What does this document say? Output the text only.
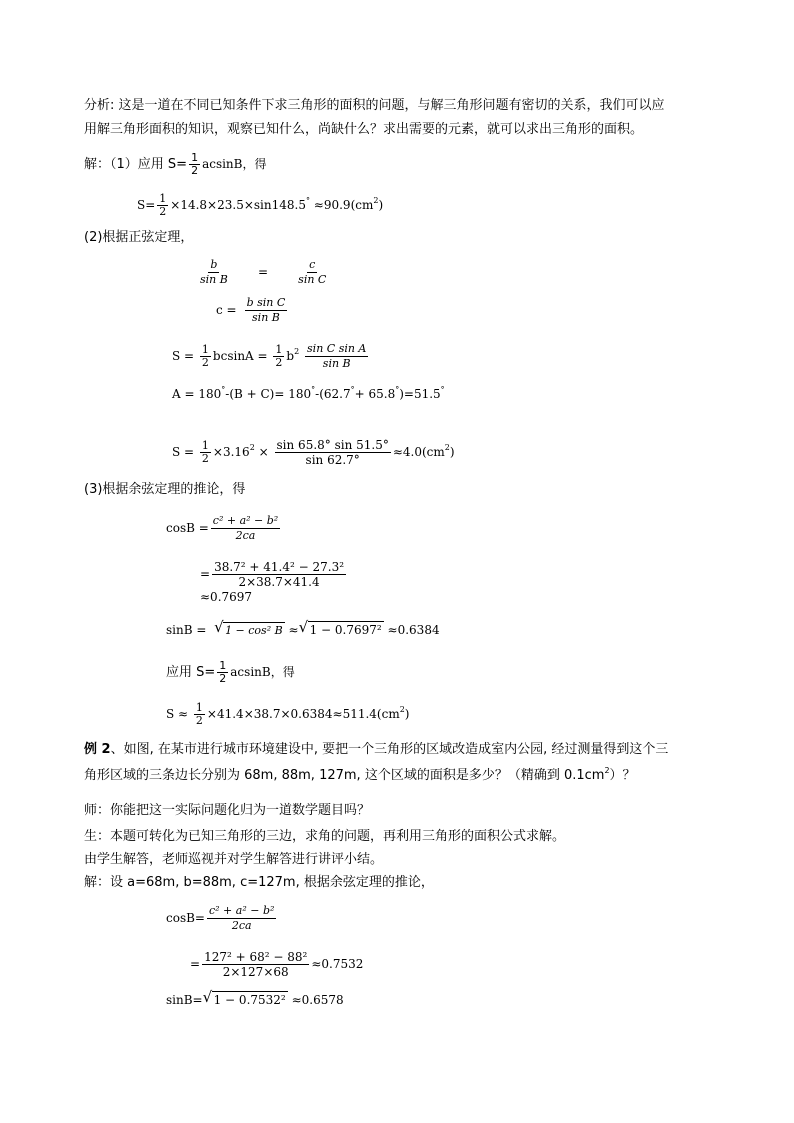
分析: 这是一道在不同已知条件下求三角形的面积的问题，与解三角形问题有密切的关系，我们可以应
用解三角形面积的知识，观察已知什么，尚缺什么？求出需要的元素，就可以求出三角形的面积。
解：（1）应用 $S= \frac{1}{2}$ acsinB，得
$S= \frac{1}{2} \times 14.8\times 23.5\times\sin 148.5^\circ \approx 90.9(cm^2)$
(2)根据正弦定理，
$\frac{b}{\text{sin B}}$ =	$\frac{c}{\text{sin C}}$
$c = \frac{\text{b sin C}}{\text{sin B}}$
$S = \frac{1}{2}$ $bcsinA = \frac{1}{2} b^2 \frac{\text{sin C sin A}}{\text{sin B}}$
A = 180°-(B + C)= 180°-(62.7°+ 65.8°)=51.5°
$S = \frac{1}{2} \times 3.16^2 \times \frac{\sin 65.8^\circ \sin 51.5^\circ}{\sin 62.7^\circ} \approx 4.0(cm^2)$
(3)根据余弦定理的推论，得
$\cos B = \frac{\text{c² + a² − b²}}{2ca}$
= $\frac{\text{38.7² + 41.4² − 27.3²}}{2\times 38.7\times 41.4}$
≈0.7697
sinB = √ 1 − cos² B ≈ √ 1 − 0.7697² ≈0.6384
应用 $S= \frac{1}{2}$ acsinB，得
$S \approx \frac{1}{2} \times 41.4\times 38.7\times 0.6384\approx 511.4(cm^2)$
例 2、如图, 在某市进行城市环境建设中, 要把一个三角形的区域改造成室内公园, 经过测量得到这个三
角形区域的三条边长分别为 68m, 88m, 127m, 这个区域的面积是多少？（精确到 $0.1cm^2$）？
师：你能把这一实际问题化归为一道数学题目吗？
生：本题可转化为已知三角形的三边，求角的问题，再利用三角形的面积公式求解。
由学生解答，老师巡视并对学生解答进行讲评小结。
解：设 a=68m, b=88m, c=127m, 根据余弦定理的推论，
$\cos B= \frac{\text{c² + a² − b²}}{2ca}$
= $\frac{\text{127² + 68² − 88²}}{2\times 127\times 68} \approx 0.7532$
sinB= √ 1 − 0.7532² ≈0.6578
